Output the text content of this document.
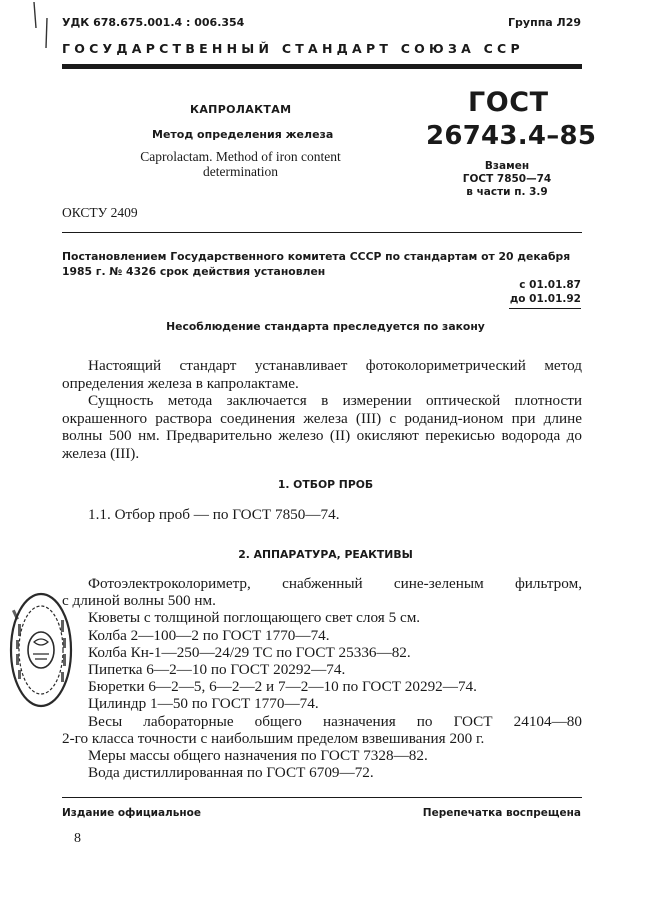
УДК 678.675.001.4 : 006.354	Группа Л29
ГОСУДАРСТВЕННЫЙ СТАНДАРТ СОЮЗА ССР
КАПРОЛАКТАМ
Метод определения железа
Caprolactam. Method of iron content determination
ГОСТ
26743.4–85
Взамен
ГОСТ 7850—74
в части п. 3.9
ОКСТУ 2409
Постановлением Государственного комитета СССР по стандартам от 20 декабря 1985 г. № 4326 срок действия установлен
с 01.01.87
до 01.01.92
Несоблюдение стандарта преследуется по закону
Настоящий стандарт устанавливает фотоколориметрический метод определения железа в капролактаме.
Сущность метода заключается в измерении оптической плотности окрашенного раствора соединения железа (III) с роданид-ионом при длине волны 500 нм. Предварительно железо (II) окисляют перекисью водорода до железа (III).
1. ОТБОР ПРОБ
1.1. Отбор проб — по ГОСТ 7850—74.
2. АППАРАТУРА, РЕАКТИВЫ
Фотоэлектроколориметр, снабженный сине-зеленым фильтром,
с длиной волны 500 нм.
Кюветы с толщиной поглощающего свет слоя 5 см.
Колба 2—100—2 по ГОСТ 1770—74.
Колба Кн-1—250—24/29 ТС по ГОСТ 25336—82.
Пипетка 6—2—10 по ГОСТ 20292—74.
Бюретки 6—2—5, 6—2—2 и 7—2—10 по ГОСТ 20292—74.
Цилиндр 1—50 по ГОСТ 1770—74.
Весы лабораторные общего назначения по ГОСТ 24104—80
2-го класса точности с наибольшим пределом взвешивания 200 г.
Меры массы общего назначения по ГОСТ 7328—82.
Вода дистиллированная по ГОСТ 6709—72.
Издание официальное	Перепечатка воспрещена
8
